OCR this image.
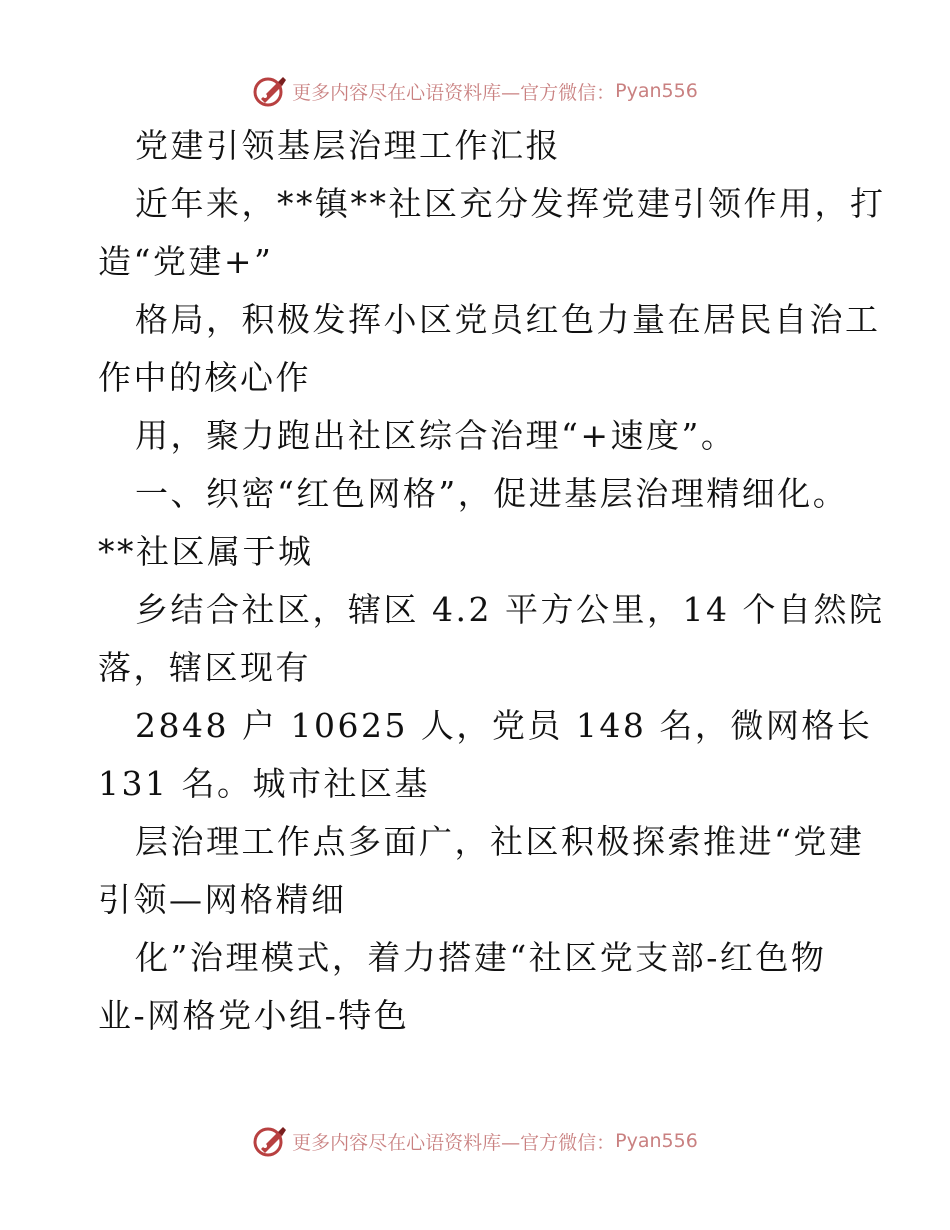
更多内容尽在心语资料库—官方微信： Pyan556
党建引领基层治理工作汇报
近年来，**镇**社区充分发挥党建引领作用，打
造“党建+”
格局，积极发挥小区党员红色力量在居民自治工
作中的核心作
用，聚力跑出社区综合治理“+速度”。
一、织密“红色网格”，促进基层治理精细化。
**社区属于城
乡结合社区，辖区 4.2 平方公里，14 个自然院
落，辖区现有
2848 户 10625 人，党员 148 名，微网格长
131 名。城市社区基
层治理工作点多面广，社区积极探索推进“党建
引领—网格精细
化”治理模式，着力搭建“社区党支部-红色物
业-网格党小组-特色
更多内容尽在心语资料库—官方微信： Pyan556
